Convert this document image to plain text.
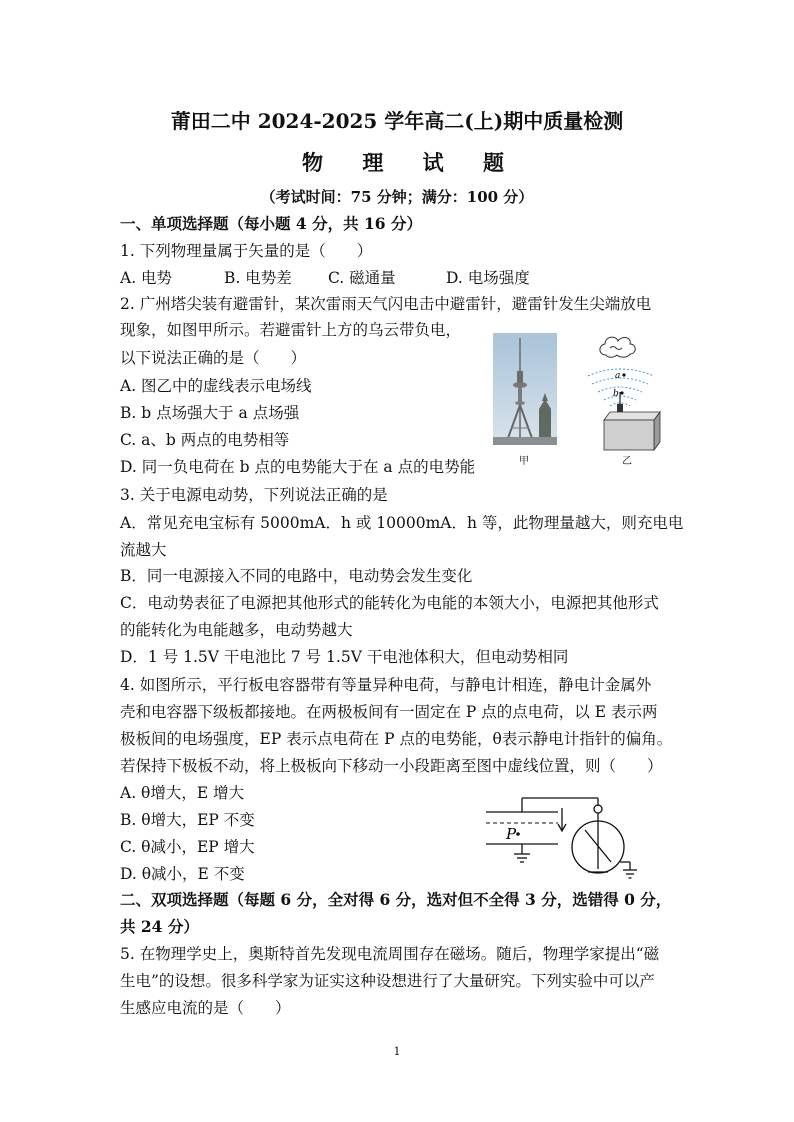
莆田二中 2024-2025 学年高二(上)期中质量检测
物 理 试 题
（考试时间：75 分钟；满分：100 分）
一、单项选择题（每小题 4 分，共 16 分）
1. 下列物理量属于矢量的是（　　）
A. 电势	B. 电势差 C. 磁通量	D. 电场强度
2. 广州塔尖装有避雷针，某次雷雨天气闪电击中避雷针，避雷针发生尖端放电
现象，如图甲所示。若避雷针上方的乌云带负电，
以下说法正确的是（　　）
A. 图乙中的虚线表示电场线
B. b 点场强大于 a 点场强
C. a、b 两点的电势相等
D. 同一负电荷在 b 点的电势能大于在 a 点的电势能	甲
a
b
乙
3. 关于电源电动势，下列说法正确的是
A．常见充电宝标有 5000mA．h 或 10000mA．h 等，此物理量越大，则充电电
流越大
B．同一电源接入不同的电路中，电动势会发生变化
C．电动势表征了电源把其他形式的能转化为电能的本领大小，电源把其他形式
的能转化为电能越多，电动势越大
D．1 号 1.5V 干电池比 7 号 1.5V 干电池体积大，但电动势相同
4. 如图所示，平行板电容器带有等量异种电荷，与静电计相连，静电计金属外
壳和电容器下级板都接地。在两极板间有一固定在 P 点的点电荷，以 E 表示两
极板间的电场强度，EP 表示点电荷在 P 点的电势能，θ表示静电计指针的偏角。
若保持下极板不动，将上极板向下移动一小段距离至图中虚线位置，则（　　）
A. θ增大，E 增大
B. θ增大，EP 不变
C. θ减小，EP 增大
D. θ减小，E 不变
P
二、双项选择题（每题 6 分，全对得 6 分，选对但不全得 3 分，选错得 0 分，
共 24 分）
5. 在物理学史上，奥斯特首先发现电流周围存在磁场。随后，物理学家提出“磁
生电”的设想。很多科学家为证实这种设想进行了大量研究。下列实验中可以产
生感应电流的是（　　）
1
